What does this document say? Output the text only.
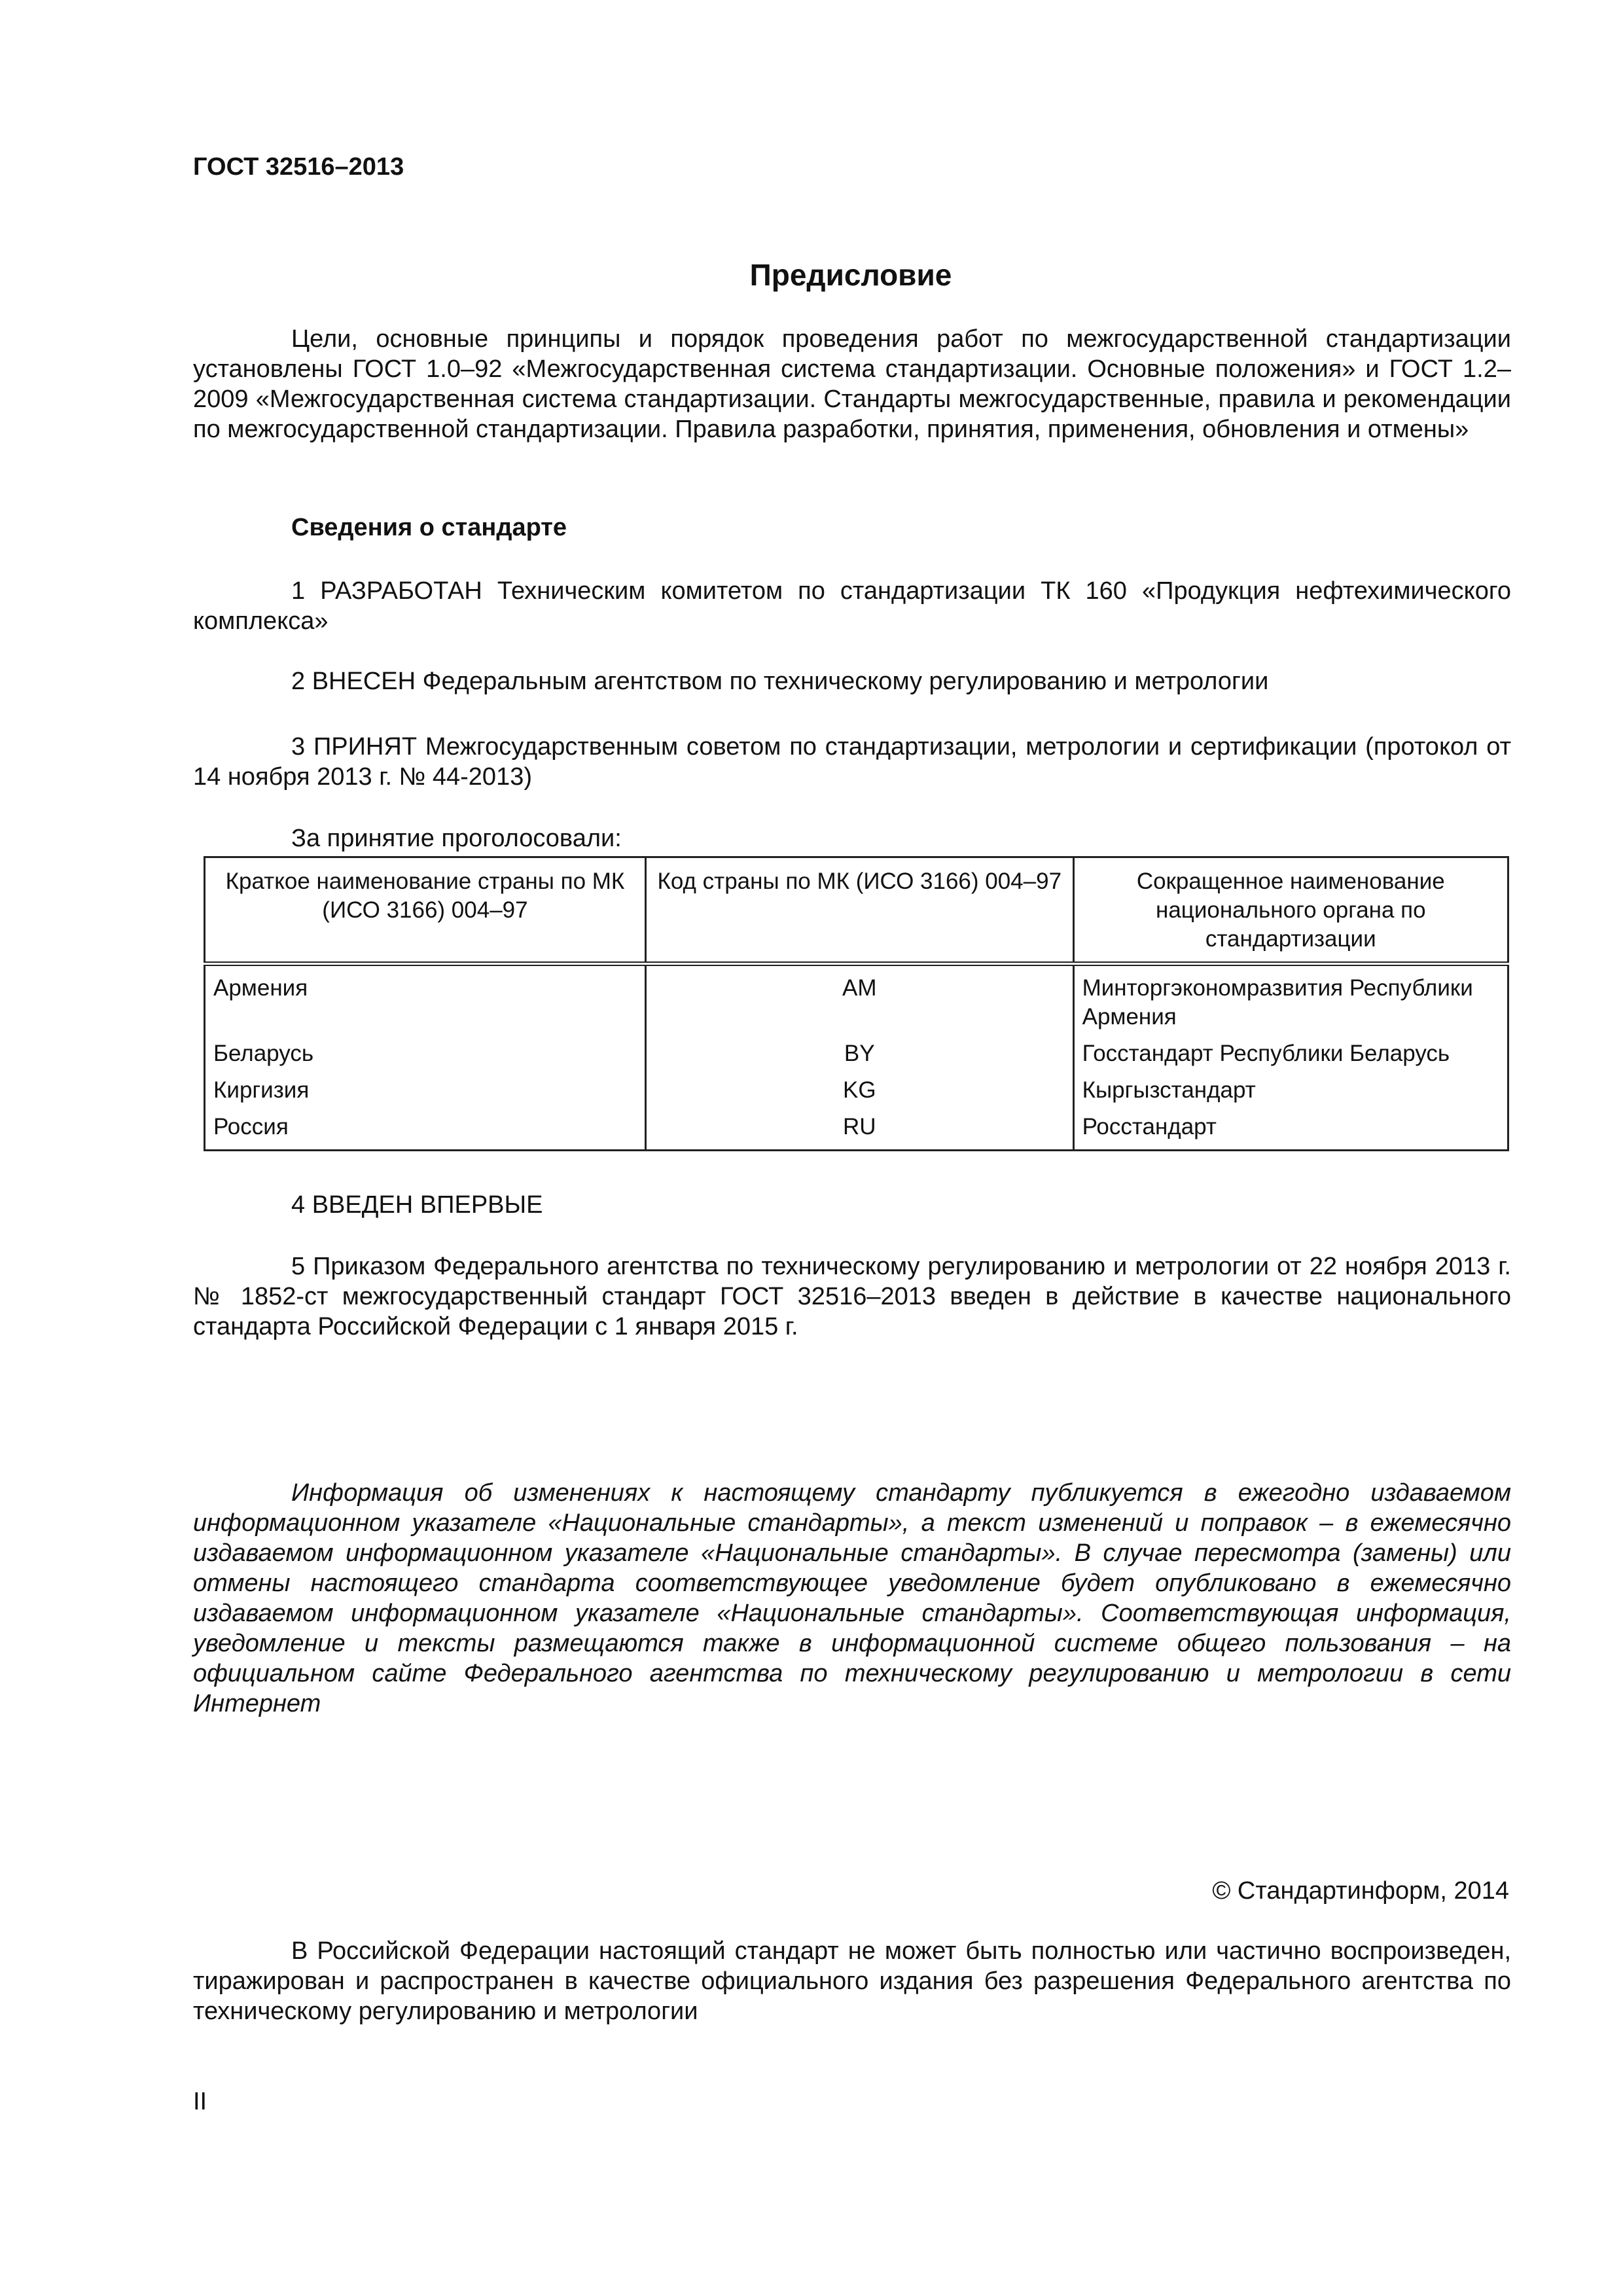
ГОСТ 32516–2013
Предисловие
Цели, основные принципы и порядок проведения работ по межгосударственной стандартизации установлены ГОСТ 1.0–92 «Межгосударственная система стандартизации. Основные положения» и ГОСТ 1.2–2009 «Межгосударственная система стандартизации. Стандарты межгосударственные, правила и рекомендации по межгосударственной стандартизации. Правила разработки, принятия, применения, обновления и отмены»
Сведения о стандарте
1 РАЗРАБОТАН Техническим комитетом по стандартизации ТК 160 «Продукция нефтехимического комплекса»
2 ВНЕСЕН Федеральным агентством по техническому регулированию и метрологии
3 ПРИНЯТ Межгосударственным советом по стандартизации, метрологии и сертификации (протокол от 14 ноября 2013 г. № 44-2013)
За принятие проголосовали:
Краткое наименование страны по МК (ИСО 3166) 004–97	Код страны по МК (ИСО 3166) 004–97	Сокращенное наименование национального органа по стандартизации
Армения	AM	Минторгэкономразвития Республики Армения
Беларусь	BY	Госстандарт Республики Беларусь
Киргизия	KG	Кыргызстандарт
Россия	RU	Росстандарт
4 ВВЕДЕН ВПЕРВЫЕ
5 Приказом Федерального агентства по техническому регулированию и метрологии от 22 ноября 2013 г. № 1852-ст межгосударственный стандарт ГОСТ 32516–2013 введен в действие в качестве национального стандарта Российской Федерации с 1 января 2015 г.
Информация об изменениях к настоящему стандарту публикуется в ежегодно издаваемом информационном указателе «Национальные стандарты», а текст изменений и поправок – в ежемесячно издаваемом информационном указателе «Национальные стандарты». В случае пересмотра (замены) или отмены настоящего стандарта соответствующее уведомление будет опубликовано в ежемесячно издаваемом информационном указателе «Национальные стандарты». Соответствующая информация, уведомление и тексты размещаются также в информационной системе общего пользования – на официальном сайте Федерального агентства по техническому регулированию и метрологии в сети Интернет
© Стандартинформ, 2014
В Российской Федерации настоящий стандарт не может быть полностью или частично воспроизведен, тиражирован и распространен в качестве официального издания без разрешения Федерального агентства по техническому регулированию и метрологии
II
